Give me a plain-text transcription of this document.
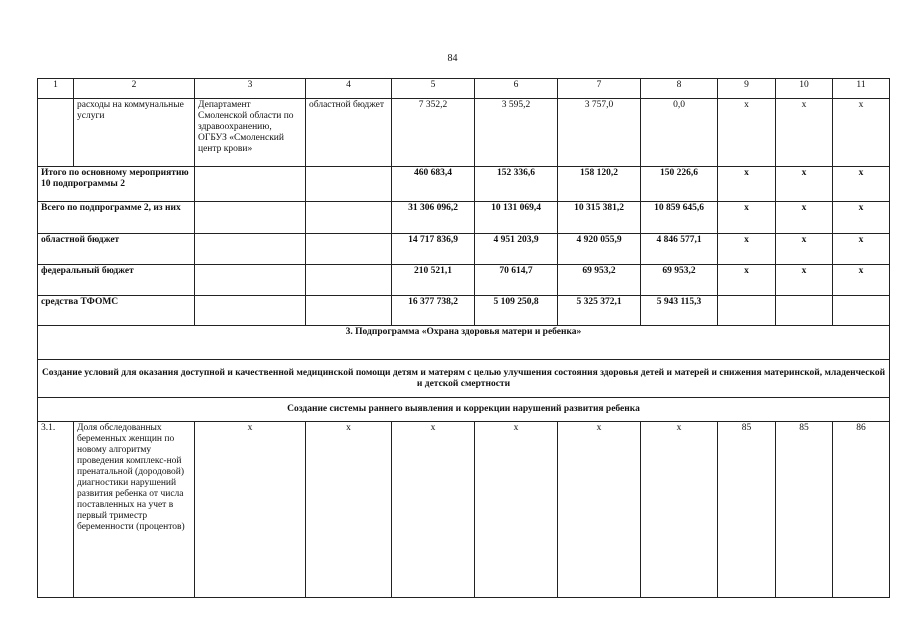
84
1	2	3	4	5	6	7	8	9	10	11
	расходы на коммунальные услуги	Департамент Смоленской области по здравоохранению, ОГБУЗ «Смоленский центр крови»	областной бюджет	7 352,2	3 595,2	3 757,0	0,0	x	x	x
Итого по основному мероприятию 10 подпрограммы 2				460 683,4	152 336,6	158 120,2	150 226,6	x	x	x
Всего по подпрограмме 2, из них				31 306 096,2	10 131 069,4	10 315 381,2	10 859 645,6	x	x	x
областной бюджет				14 717 836,9	4 951 203,9	4 920 055,9	4 846 577,1	x	x	x
федеральный бюджет				210 521,1	70 614,7	69 953,2	69 953,2	x	x	x
средства ТФОМС				16 377 738,2	5 109 250,8	5 325 372,1	5 943 115,3			
3. Подпрограмма «Охрана здоровья матери и ребенка»										
Создание условий для оказания доступной и качественной медицинской помощи детям и матерям с целью улучшения состояния здоровья детей и матерей и снижения материнской, младенческой и детской смертности										
Создание системы раннего выявления и коррекции нарушений развития ребенка										
3.1.	Доля обследованных беременных женщин по новому алгоритму проведения комплекс-ной пренатальной (дородовой) диагностики нарушений развития ребенка от числа поставленных на учет в первый триместр беременности (процентов)	x	x	x	x	x	x	85	85	86
